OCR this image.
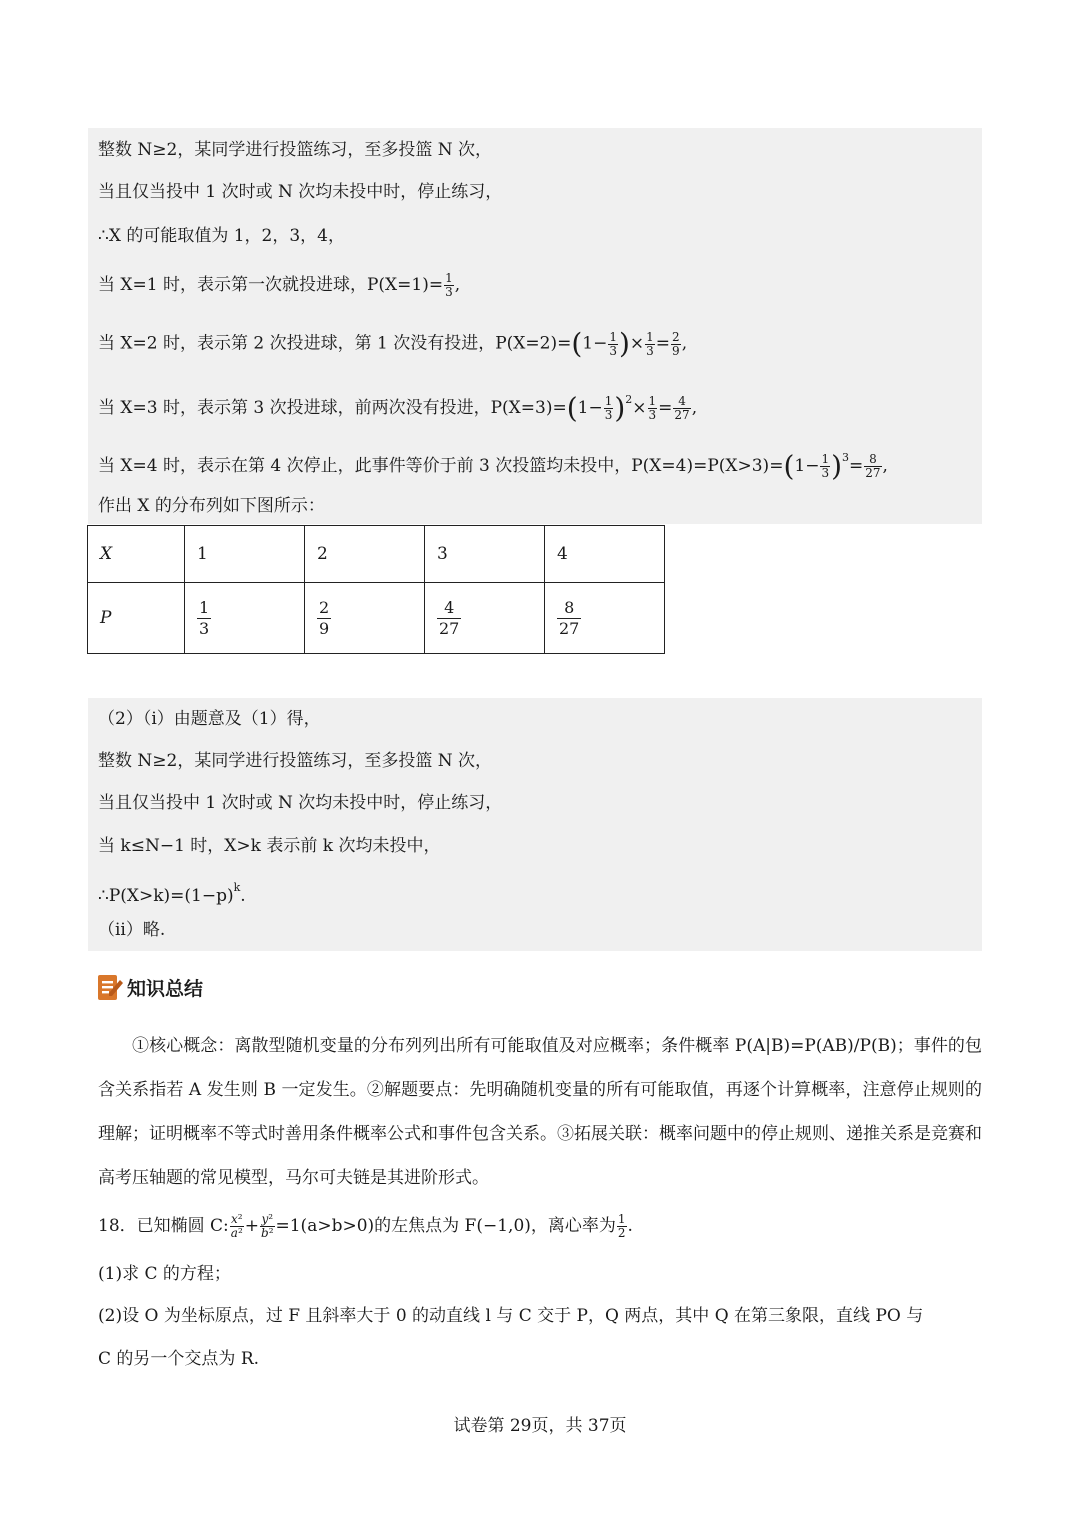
整数 N≥2，某同学进行投篮练习，至多投篮 N 次，
当且仅当投中 1 次时或 N 次均未投中时，停止练习，
∴X 的可能取值为 1，2，3，4，
当 X=1 时，表示第一次就投进球，$P(X=1)= \frac{1}{3}$ ,
当 X=2 时，表示第 2 次投进球，第 1 次没有投进，$P(X=2)=(1- \frac{1}{3}$ )× $\frac{1}{3} = \frac{2}{9}$ ,
当 X=3 时，表示第 3 次投进球，前两次没有投进，$P(X=3)=(1- \frac{1}{3} )^2\times \frac{1}{3} = \frac{4}{27}$ ,
当 X=4 时，表示在第 4 次停止，此事件等价于前 3 次投篮均未投中，$P(X=4)=P(X>3)=(1- \frac{1}{3} )^3= \frac{8}{27}$ ,
作出 X 的分布列如下图所示：
X	1	2	3	4
P	$\frac{1}{3}$	$\frac{2}{9}$	$\frac{4}{27}$	$\frac{8}{27}$
（2）（i）由题意及（1）得，
整数 N≥2，某同学进行投篮练习，至多投篮 N 次，
当且仅当投中 1 次时或 N 次均未投中时，停止练习，
当 k≤N−1 时，X>k 表示前 k 次均未投中，
$\therefore P(X>k)=(1-p)^k$.
（ii）略.
知识总结
①核心概念：离散型随机变量的分布列列出所有可能取值及对应概率；条件概率 P(A|B)=P(AB)/P(B)；事件的包含关系指若 A 发生则 B 一定发生。②解题要点：先明确随机变量的所有可能取值，再逐个计算概率，注意停止规则的理解；证明概率不等式时善用条件概率公式和事件包含关系。③拓展关联：概率问题中的停止规则、递推关系是竞赛和高考压轴题的常见模型，马尔可夫链是其进阶形式。
18．已知椭圆 C: $\frac{\text{x²}}{\text{a²}} + \frac{\text{y²}}{\text{b²}} =1(a>b>0)$的左焦点为 F(−1,0)，离心率为 $\frac{1}{2}$ .
(1)求 C 的方程；
(2)设 O 为坐标原点，过 F 且斜率大于 0 的动直线 l 与 C 交于 P，Q 两点，其中 Q 在第三象限，直线 PO 与
C 的另一个交点为 R.
试卷第 29页，共 37页
